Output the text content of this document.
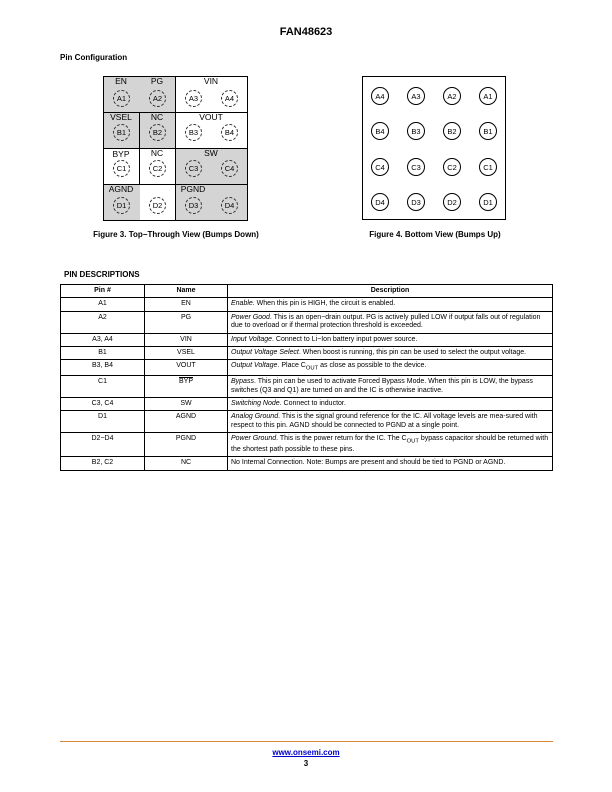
FAN48623
Pin Configuration
EN	PG	VIN
VSEL	NC	VOUT
$\overline{BYP}$	NC	SW
AGND	PGND
A1	A2	A3	A4
B1	B2	B3	B4
C1	C2	C3	C4
D1	D2	D3	D4
Figure 3. Top−Through View (Bumps Down)
A4	A3	A2	A1
B4	B3	B2	B1
C4	C3	C2	C1
D4	D3	D2	D1
Figure 4. Bottom View (Bumps Up)
PIN DESCRIPTIONS
Pin #	Name	Description
A1	EN	Enable. When this pin is HIGH, the circuit is enabled.
A2	PG	Power Good. This is an open−drain output. PG is actively pulled LOW if output falls out of regulation due to overload or if thermal protection threshold is exceeded.
A3, A4	VIN	Input Voltage. Connect to Li−Ion battery input power source.
B1	VSEL	Output Voltage Select. When boost is running, this pin can be used to select the output voltage.
B3, B4	VOUT	Output Voltage. Place $C_{OUT}$ as close as possible to the device.
C1	$\overline{BYP}$	Bypass. This pin can be used to activate Forced Bypass Mode. When this pin is LOW, the bypass switches (Q3 and Q1) are turned on and the IC is otherwise inactive.
C3, C4	SW	Switching Node. Connect to inductor.
D1	AGND	Analog Ground. This is the signal ground reference for the IC. All voltage levels are mea-sured with respect to this pin. AGND should be connected to PGND at a single point.
D2−D4	PGND	Power Ground. This is the power return for the IC. The $C_{OUT}$ bypass capacitor should be returned with the shortest path possible to these pins.
B2, C2	NC	No Internal Connection. Note: Bumps are present and should be tied to PGND or AGND.
www.onsemi.com
3
